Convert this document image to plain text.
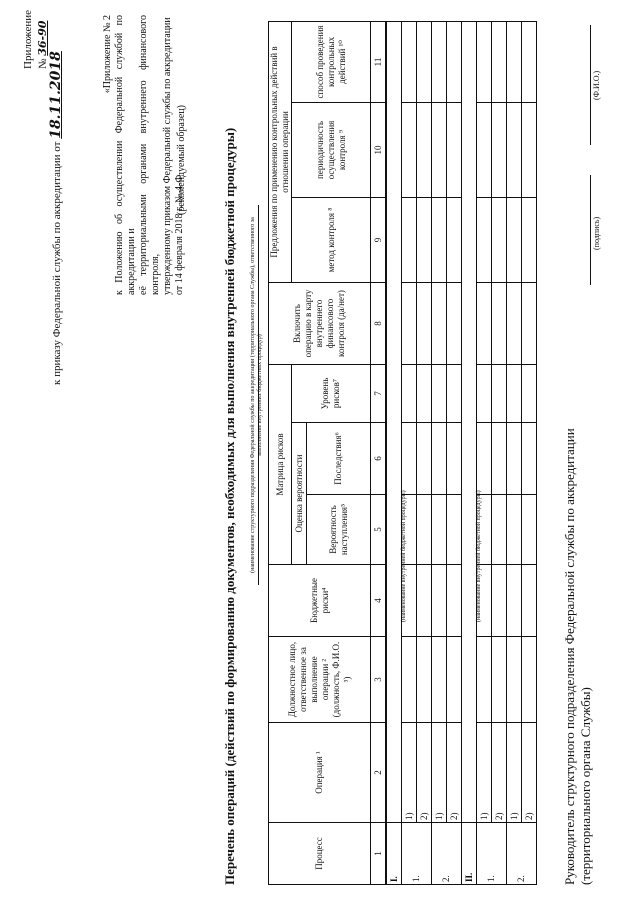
Приложение № 36-90
к приказу Федеральной службы по аккредитации от 18.11.2018	«Приложение № 2 к Положению об осуществлении Федеральной службой по аккредитации и её территориальными органами внутреннего финансового контроля, утвержденному приказом Федеральной службы по аккредитации от 14 февраля 2018 г. № 4-Ф
(рекомендуемый образец)	Перечень операций (действий по формированию документов, необходимых для выполнения внутренней бюджетной процедуры) (наименование структурного подразделения Федеральной службы по аккредитации (территориального органа Службы), ответственного за выполнение внутренних бюджетных процедур)
Процесс	Операция ¹	Должностное лицо, ответственное за выполнение операции ² (должность, Ф.И.О. ³)	Бюджетные риски⁴	Матрица рисков			Включить операцию в карту внутреннего финансового контроля (да/нет)	Предложения по применению контрольных действий в отношении операции		
				Оценка вероятности		Уровень рисков⁷		метод контроля ⁸	периодичность осуществления контроля ⁹	способ проведения контрольных действий ¹⁰
				Вероятность наступления⁵	Последствия⁶					
1	2	3	4	5	6	7	8	9	10	11
I.	(наименование внутренней бюджетной процедуры)									

1.	1)									
	2)									
2.	1)									
	2)									
II.	(наименование внутренней бюджетной процедуры)									

1.	1)									
	2)									
2.	1)									
	2)									Руководитель структурного подразделения Федеральной службы по аккредитации (территориального органа Службы)
(подпись)
(Ф.И.О.)
